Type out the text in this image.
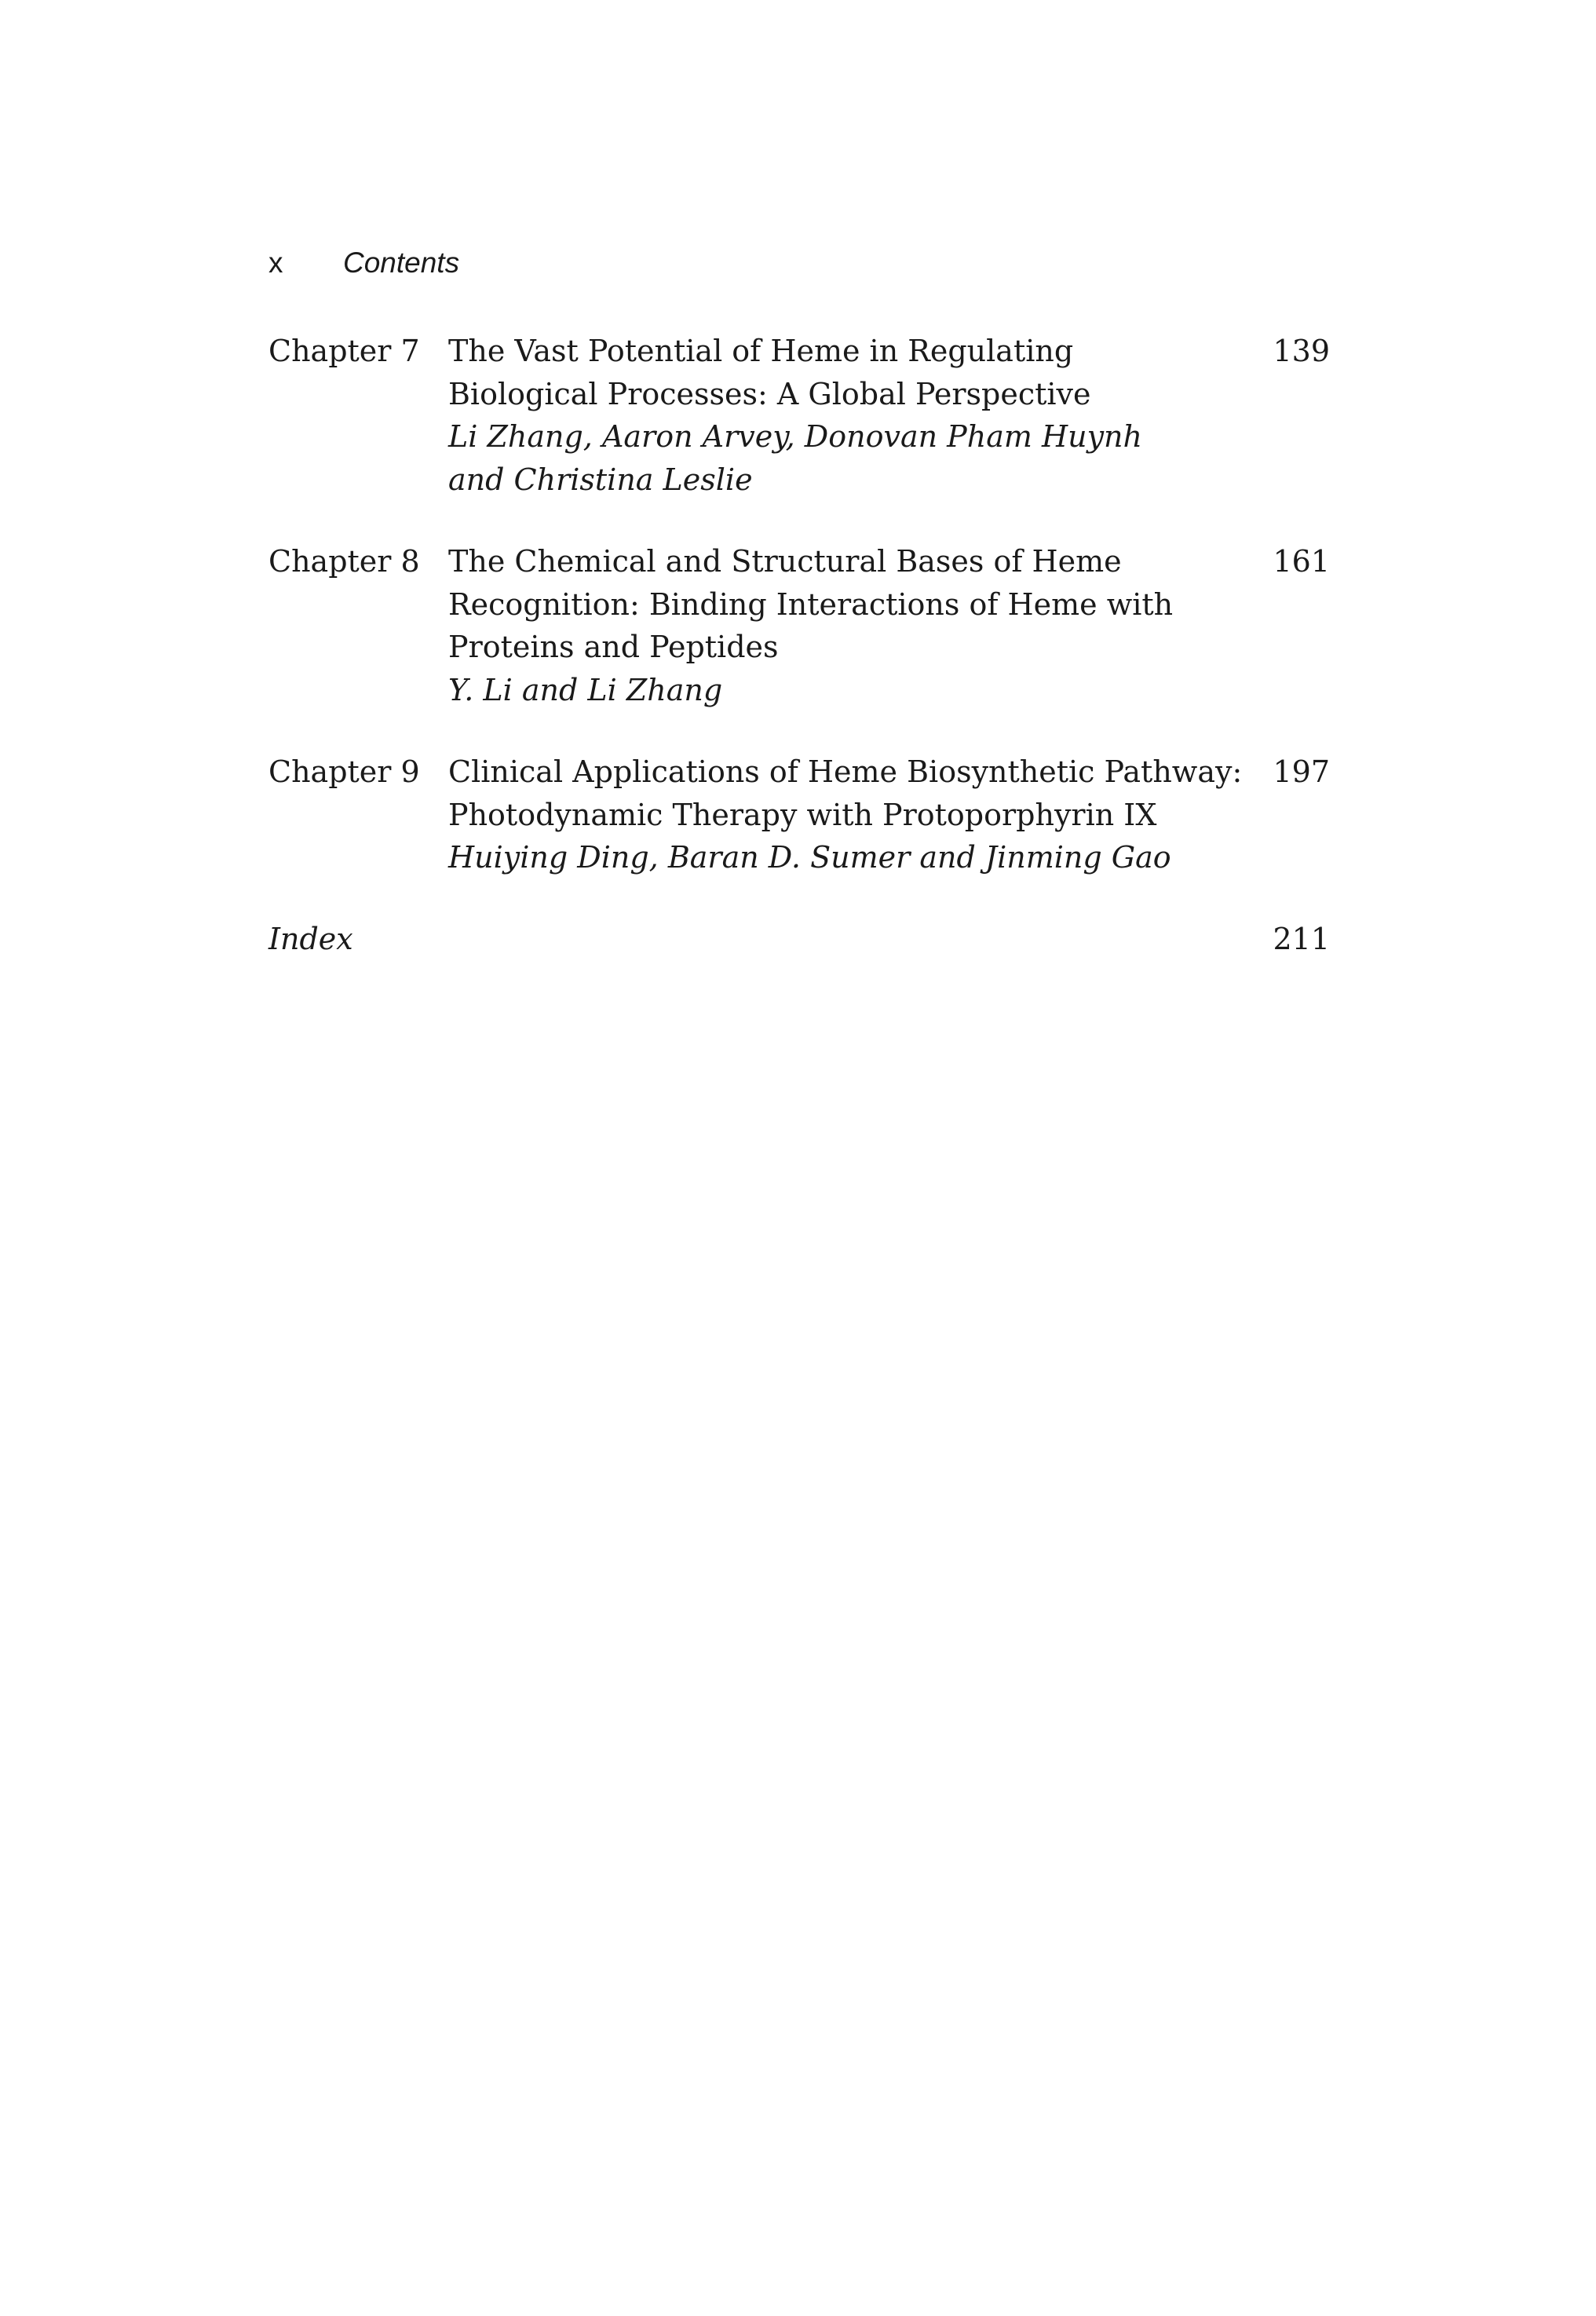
x Contents
Chapter 7 The Vast Potential of Heme in Regulating
Biological Processes: A Global Perspective
Li Zhang, Aaron Arvey, Donovan Pham Huynh
and Christina Leslie
139
Chapter 8 The Chemical and Structural Bases of Heme
Recognition: Binding Interactions of Heme with
Proteins and Peptides
Y. Li and Li Zhang
161
Chapter 9 Clinical Applications of Heme Biosynthetic Pathway:
Photodynamic Therapy with Protoporphyrin IX
Huiying Ding, Baran D. Sumer and Jinming Gao
197
Index	211
